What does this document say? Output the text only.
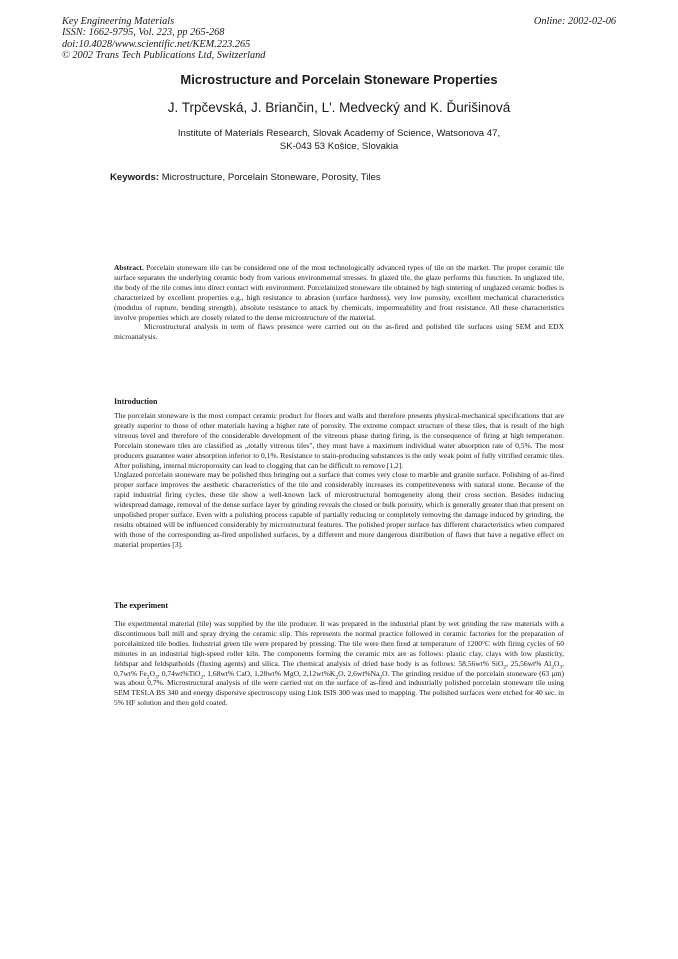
Key Engineering Materials
ISSN: 1662-9795, Vol. 223, pp 265-268
doi:10.4028/www.scientific.net/KEM.223.265
© 2002 Trans Tech Publications Ltd, Switzerland
Online: 2002-02-06
Microstructure and Porcelain Stoneware Properties
J. Trpčevská, J. Briančin, L'. Medvecký and K. Ďurišinová
Institute of Materials Research, Slovak Academy of Science, Watsonova 47,
SK-043 53 Košice, Slovakia
Keywords: Microstructure, Porcelain Stoneware, Porosity, Tiles

Abstract. Porcelain stoneware tile can be considered one of the most technologically advanced types of tile on the market. The proper ceramic tile surface separates the underlying ceramic body from various environmental stresses. In glazed tile, the glaze performs this function. In unglazed tile, the body of the tile comes into direct contact with environment. Porcelainized stoneware tile obtained by high sintering of unglazed ceramic bodies is characterized by excellent properties e.g., high resistance to abrasion (surface hardness), very low porosity, excellent mechanical characteristics (modulus of rupture, bending strength), absolute resistance to attack by chemicals, impermeability and frost resistance. All these characteristics involve properties which are closely related to the dense microstructure of the material.

Microstructural analysis in term of flaws presence were carried out on the as-fired and polished tile surfaces using SEM and EDX microanalysis.

Introduction

The porcelain stoneware is the most compact ceramic product for floors and walls and therefore presents physical-mechanical specifications that are greatly superior to those of other materials having a higher rate of porosity. The extreme compact structure of these tiles, that is result of the high vitreous level and therefore of the considerable development of the vitreous phase during firing, is the consequence of firing at high temperature. Porcelain stoneware tiles are classified as „totally vitreous tiles", they must have a maximum individual water absorption rate of 0,5%. The most producers guarantee water absorption inferior to 0,1%. Resistance to stain-producing substances is the only weak point of fully vitrified ceramic tiles. After polishing, internal microporosity can lead to clogging that can be difficult to remove [1,2].

Unglazed porcelain stoneware may be polished thus bringing out a surface that comes very close to marble and granite surface. Polishing of as-fired proper surface improves the aesthetic characteristics of the tile and considerably increases its competiteveness with natural stone. Because of the rapid industrial firing cycles, these tile show a well-known lack of microstructural homogeneity along their cross section. Besides inducing widespread damage, removal of the dense surface layer by grinding reveals the closed or bulk porosity, which is generally greater than that present on unpolished proper surface. Even with a polishing process capable of partially reducing or completely removing the damage induced by grinding, the results obtained will be influenced considerably by microstructural features. The polished proper surface has different characteristics when compared with those of the corresponding as-fired unpolished surfaces, by a different and more dangerous distribution of flaws that have a negative effect on material properties [3].

The experiment

The experimental material (tile) was supplied by the tile producer. It was prepared in the industrial plant by wet grinding the raw materials with a discontinuous ball mill and spray drying the ceramic slip. This represents the normal practice followed in ceramic factories for the preparation of porcelainized tile bodies. Industrial green tile were prepared by pressing. The tile were then fired at temperature of 1200°C with firing cycles of 60 minutes in an industrial high-speed roller kiln. The components forming the ceramic mix are as follows: plastic clay, clays with low plasticity, feldspar and feldspathoids (fluxing agents) and silica. The chemical analysis of dried base body is as follows: 58,56wt% SiO$_2$, 25,56wt% $Al_2O_3$, 0,7wt% $Fe_2O_3$, 0,74wt%TiO$_2$, 1,68wt% CaO, 1,28wt% MgO, $2,12wt\%K_2O$, $2,6wt\%Na_2O$. The grinding residue of the porcelain stoneware (63 µm) was about 0,7%. Microstructural analysis of tile were carried out on the surface of as-fired and industrially polished porcelain stoneware tile using SEM TESLA BS 340 and energy dispersive spectroscopy using Link ISIS 300 was used to mapping. The polished surfaces were etched for 40 sec. in 5% HF solution and then gold coated.
